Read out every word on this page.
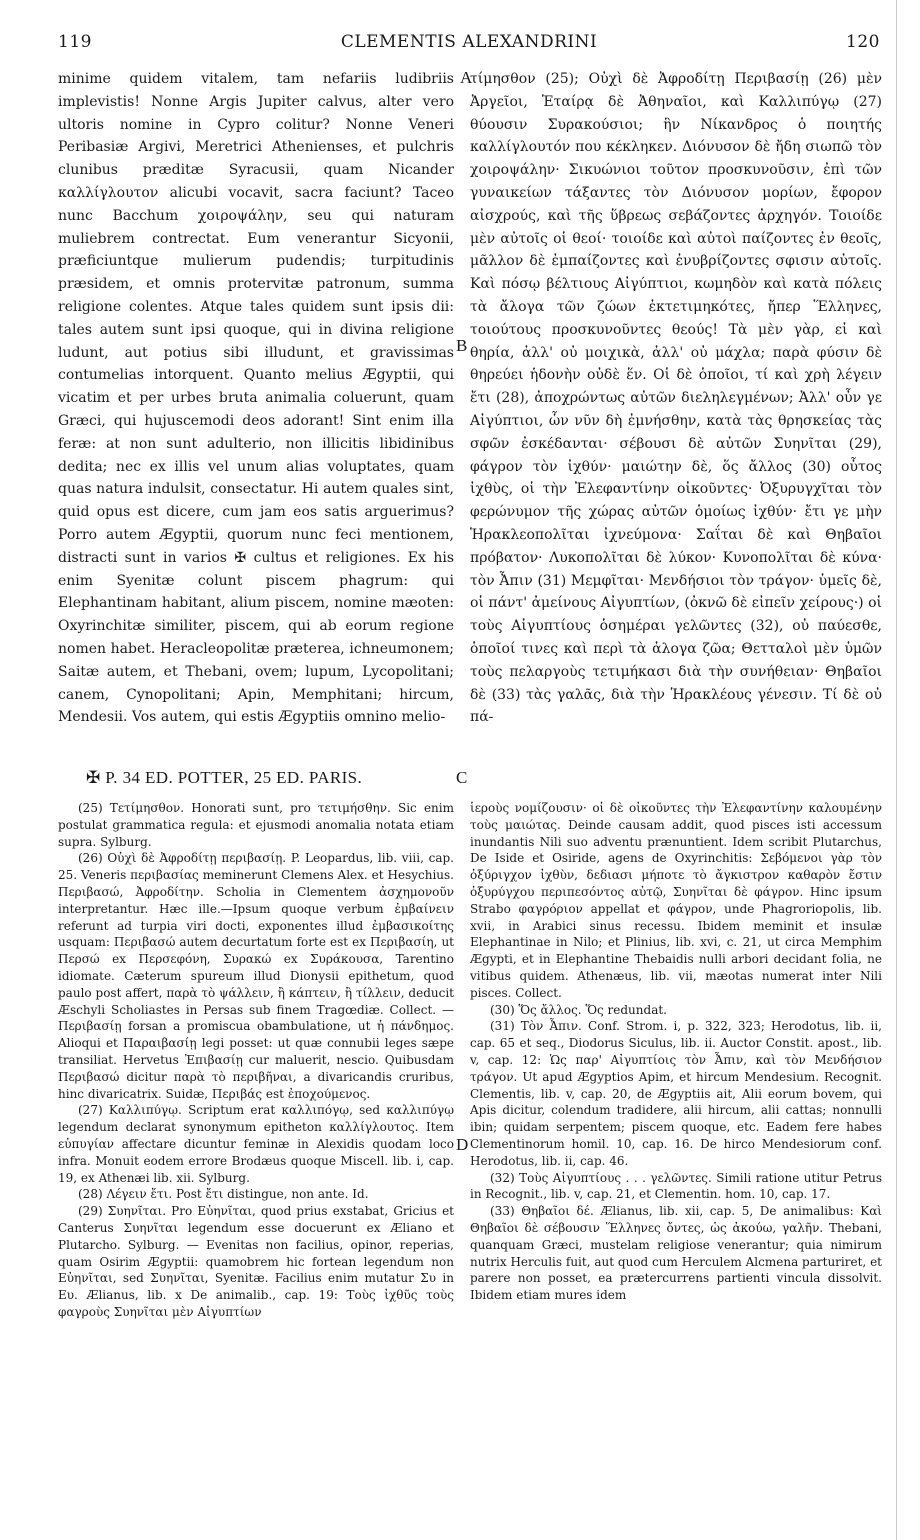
119	CLEMENTIS ALEXANDRINI	120

minime quidem vitalem, tam nefariis ludibriis implevistis! Nonne Argis Jupiter calvus, alter vero ultoris nomine in Cypro colitur? Nonne Veneri Peribasiæ Argivi, Meretrici Athenienses, et pulchris clunibus præditæ Syracusii, quam Nicander καλλίγλουτον alicubi vocavit, sacra faciunt? Taceo nunc Bacchum χοιροψάλην, seu qui naturam muliebrem contrectat. Eum venerantur Sicyonii, præficiuntque mulierum pudendis; turpitudinis præsidem, et omnis protervitæ patronum, summa religione colentes. Atque tales quidem sunt ipsis dii: tales autem sunt ipsi quoque, qui in divina religione ludunt, aut potius sibi illudunt, et gravissimas contumelias intorquent. Quanto melius Ægyptii, qui vicatim et per urbes bruta animalia coluerunt, quam Græci, qui hujuscemodi deos adorant! Sint enim illa feræ: at non sunt adulterio, non illicitis libidinibus dedita; nec ex illis vel unum alias voluptates, quam quas natura indulsit, consectatur. Hi autem quales sint, quid opus est dicere, cum jam eos satis arguerimus? Porro autem Ægyptii, quorum nunc feci mentionem, distracti sunt in varios ✠ cultus et religiones. Ex his enim Syenitæ colunt piscem phagrum: qui Elephantinam habitant, alium piscem, nomine mæoten: Oxyrinchitæ similiter, piscem, qui ab eorum regione nomen habet. Heracleopolitæ præterea, ichneumonem; Saitæ autem, et Thebani, ovem; lupum, Lycopolitani; canem, Cynopolitani; Apin, Memphitani; hircum, Mendesii. Vos autem, qui estis Ægyptiis omnino melio-

A
B
C
D

τίμησθον (25); Οὐχὶ δὲ Ἀφροδίτῃ Περιβασίῃ (26) μὲν Ἀργεῖοι, Ἑταίρᾳ δὲ Ἀθηναῖοι, καὶ Καλλιπύγῳ (27) θύουσιν Συρακούσιοι; ἣν Νίκανδρος ὁ ποιητής καλλίγλουτόν που κέκληκεν. Διόνυσον δὲ ἤδη σιωπῶ τὸν χοιροψάλην· Σικυώνιοι τοῦτον προσκυνοῦσιν, ἐπὶ τῶν γυναικείων τάξαντες τὸν Διόνυσον μορίων, ἔφορον αἰσχρούς, καὶ τῆς ὕβρεως σεβάζοντες ἀρχηγόν. Τοιοίδε μὲν αὐτοῖς οἱ θεοί· τοιοίδε καὶ αὐτοὶ παίζοντες ἐν θεοῖς, μᾶλλον δὲ ἐμπαίζοντες καὶ ἐνυβρίζοντες σφισιν αὐτοῖς. Καὶ πόσῳ βέλτιους Αἰγύπτιοι, κωμηδὸν καὶ κατὰ πόλεις τὰ ἄλογα τῶν ζώων ἐκτετιμηκότες, ἤπερ Ἕλληνες, τοιούτους προσκυνοῦντες θεούς! Τὰ μὲν γὰρ, εἰ καὶ θηρία, ἀλλ' οὐ μοιχικὰ, ἀλλ' οὐ μάχλα; παρὰ φύσιν δὲ θηρεύει ἡδονὴν οὐδὲ ἕν. Οἱ δὲ ὁποῖοι, τί καὶ χρὴ λέγειν ἔτι (28), ἀποχρώντως αὐτῶν διεληλεγμένων; Ἀλλ' οὖν γε Αἰγύπτιοι, ὧν νῦν δὴ ἐμνήσθην, κατὰ τὰς θρησκείας τὰς σφῶν ἐσκέδανται· σέβουσι δὲ αὐτῶν Συηνῖται (29), φάγρον τὸν ἰχθύν· μαιώτην δὲ, ὅς ἄλλος (30) οὗτος ἰχθὺς, οἱ τὴν Ἐλεφαντίνην οἰκοῦντες· Ὀξυρυγχῖται τὸν φερώνυμον τῆς χώρας αὐτῶν ὁμοίως ἰχθύν· ἔτι γε μὴν Ἡρακλεοπολῖται ἰχνεύμονα· Σαΐται δὲ καὶ Θηβαῖοι πρόβατον· Λυκοπολῖται δὲ λύκον· Κυνοπολῖται δὲ κύνα· τὸν Ἆπιν (31) Μεμφῖται· Μενδήσιοι τὸν τράγον· ὑμεῖς δὲ, οἱ πάντ' ἀμείνους Αἰγυπτίων, (ὀκνῶ δὲ εἰπεῖν χείρους·) οἱ τοὺς Αἰγυπτίους ὁσημέραι γελῶντες (32), οὐ παύεσθε, ὁποῖοί τινες καὶ περὶ τὰ ἀλογα ζῶα; Θετταλοὶ μὲν ὑμῶν τοὺς πελαργοὺς τετιμήκασι διὰ τὴν συνήθειαν· Θηβαῖοι δὲ (33) τὰς γαλᾶς, διὰ τὴν Ἡρακλέους γένεσιν. Τί δὲ οὐ πά-

✠ P. 34 ED. POTTER, 25 ED. PARIS.

(25) Τετίμησθον. Honorati sunt, pro τετιμήσθην. Sic enim postulat grammatica regula: et ejusmodi anomalia notata etiam supra. Sylburg.

(26) Οὐχὶ δὲ Ἀφροδίτῃ περιβασίῃ. P. Leopardus, lib. viii, cap. 25. Veneris περιβασίας meminerunt Clemens Alex. et Hesychius. Περιβασώ, Ἀφροδίτην. Scholia in Clementem ἀσχημονοῦν interpretantur. Hæc ille.—Ipsum quoque verbum ἐμβαίνειν referunt ad turpia viri docti, exponentes illud ἐμβασικοίτης usquam: Περιβασώ autem decurtatum forte est ex Περιβασίη, ut Περσώ ex Περσεφόνη, Συρακώ ex Συράκουσα, Tarentino idiomate. Cæterum spureum illud Dionysii epithetum, quod paulo post affert, παρὰ τὸ ψάλλειν, ἢ κάπτειν, ἢ τίλλειν, deducit Æschyli Scholiastes in Persas sub finem Tragœdiæ. Collect. — Περιβασίῃ forsan a promiscua obambulatione, ut ἡ πάνδημος. Alioqui et Παραιβασίῃ legi posset: ut quæ connubii leges sæpe transiliat. Hervetus Ἐπιβασίῃ cur maluerit, nescio. Quibusdam Περιβασώ dicitur παρὰ τὸ περιβῆναι, a divaricandis cruribus, hinc divaricatrix. Suidæ, Περιβάς est ἐποχούμενος.

(27) Καλλιπύγῳ. Scriptum erat καλλιπόγῳ, sed καλλιπύγῳ legendum declarat synonymum epitheton καλλίγλουτος. Item εὐπυγίαν affectare dicuntur feminæ in Alexidis quodam loco infra. Monuit eodem errore Brodæus quoque Miscell. lib. i, cap. 19, ex Athenæi lib. xii. Sylburg.

(28) Λέγειν ἔτι. Post ἔτι distingue, non ante. Id.

(29) Συηνῖται. Pro Εὐηνῖται, quod prius exstabat, Gricius et Canterus Συηνῖται legendum esse docuerunt ex Æliano et Plutarcho. Sylburg. — Evenitas non facilius, opinor, reperias, quam Osirim Ægyptii: quamobrem hic fortean legendum non Εὐηνῖται, sed Συηνῖται, Syenitæ. Facilius enim mutatur Συ in Ευ. Ælianus, lib. x De animalib., cap. 19: Τοὺς ἰχθῦς τοὺς φαγροὺς Συηνῖται μὲν Αἰγυπτίων

ἱεροὺς νομίζουσιν· οἱ δὲ οἰκοῦντες τὴν Ἐλεφαντίνην καλουμένην τοὺς μαιώτας. Deinde causam addit, quod pisces isti accessum inundantis Nili suo adventu prænuntient. Idem scribit Plutarchus, De Iside et Osiride, agens de Oxyrinchitis: Σεβόμενοι γὰρ τὸν ὀξύριγχον ἰχθὺν, δεδιασι μήποτε τὸ ἄγκιστρον καθαρὸν ἔστιν ὀξυρύγχου περιπεσόντος αὐτῷ, Συηνῖται δὲ φάγρον. Hinc ipsum Strabo φαγρόριον appellat et φάγρον, unde Phagroriopolis, lib. xvii, in Arabici sinus recessu. Ibidem meminit et insulæ Elephantinae in Nilo; et Plinius, lib. xvi, c. 21, ut circa Memphim Ægypti, et in Elephantine Thebaidis nulli arbori decidant folia, ne vitibus quidem. Athenæus, lib. vii, mæotas numerat inter Nili pisces. Collect.

(30) Ὅς ἄλλος. Ὅς redundat.

(31) Τὸν Ἆπιν. Conf. Strom. i, p. 322, 323; Herodotus, lib. ii, cap. 65 et seq., Diodorus Siculus, lib. ii. Auctor Constit. apost., lib. v, cap. 12: Ὡς παρ' Αἰγυπτίοις τὸν Ἆπιν, καὶ τὸν Μενδήσιον τράγον. Ut apud Ægyptios Apim, et hircum Mendesium. Recognit. Clementis, lib. v, cap. 20, de Ægyptiis ait, Alii eorum bovem, qui Apis dicitur, colendum tradidere, alii hircum, alii cattas; nonnulli ibin; quidam serpentem; piscem quoque, etc. Eadem fere habes Clementinorum homil. 10, cap. 16. De hirco Mendesiorum conf. Herodotus, lib. ii, cap. 46.

(32) Τοὺς Αἰγυπτίους . . . γελῶντες. Simili ratione utitur Petrus in Recognit., lib. v, cap. 21, et Clementin. hom. 10, cap. 17.

(33) Θηβαῖοι δέ. Ælianus, lib. xii, cap. 5, De animalibus: Καὶ Θηβαῖοι δὲ σέβουσιν Ἕλληνες ὄντες, ὡς ἀκούω, γαλῆν. Thebani, quanquam Græci, mustelam religiose venerantur; quia nimirum nutrix Herculis fuit, aut quod cum Herculem Alcmena parturiret, et parere non posset, ea prætercurrens partienti vincula dissolvit. Ibidem etiam mures idem
